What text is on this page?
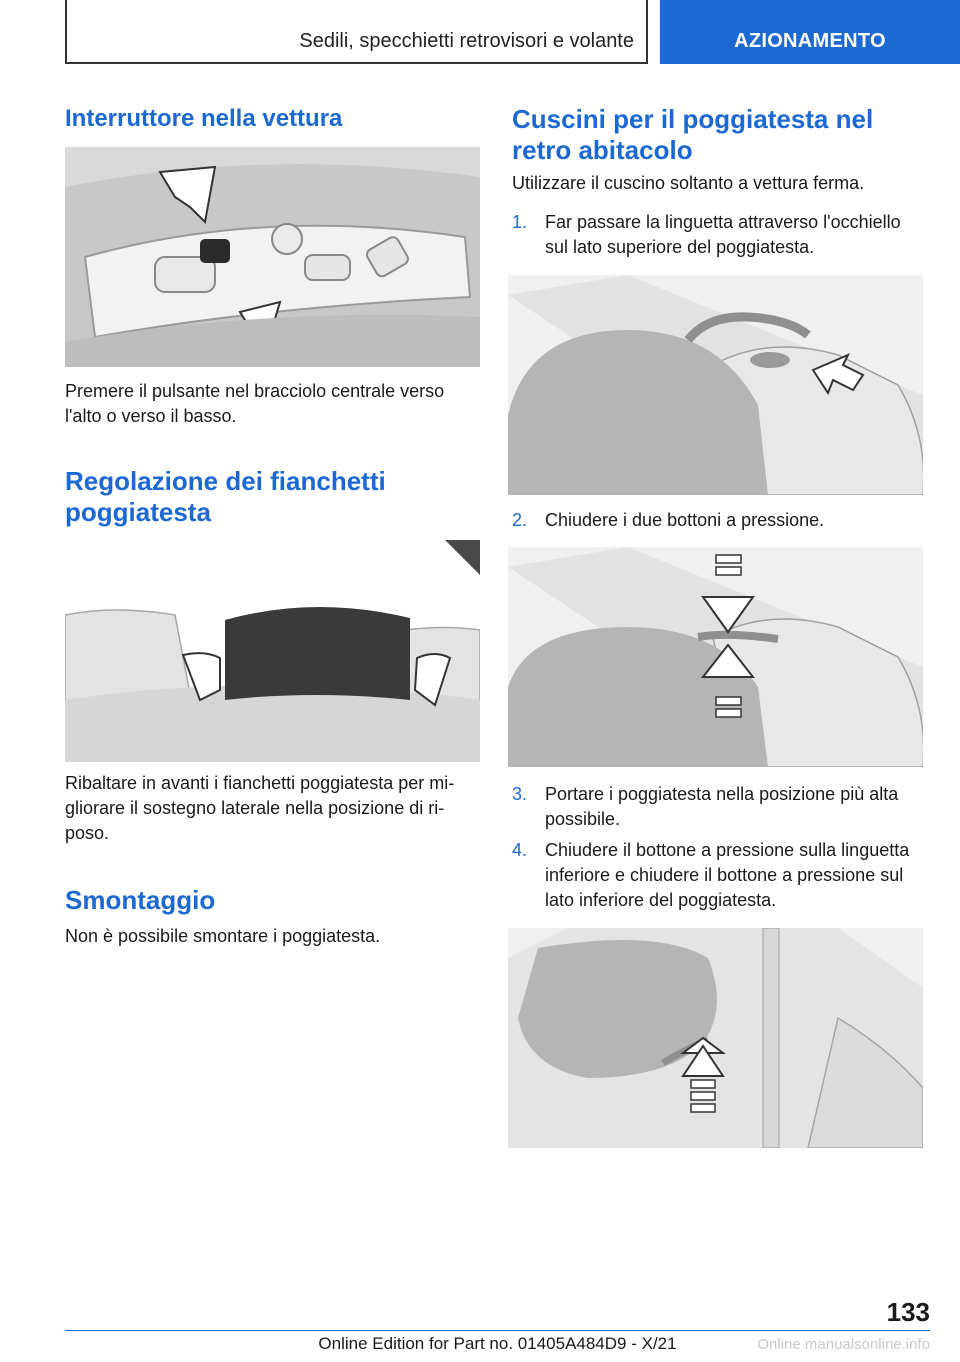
Sedili, specchietti retrovisori e volante	AZIONAMENTO
Interruttore nella vettura
Premere il pulsante nel bracciolo centrale verso
l'alto o verso il basso.
Regolazione dei fianchetti
poggiatesta
Ribaltare in avanti i fianchetti poggiatesta per mi-
gliorare il sostegno laterale nella posizione di ri-
poso.
Smontaggio
Non è possibile smontare i poggiatesta.
Cuscini per il poggiatesta nel
retro abitacolo
Utilizzare il cuscino soltanto a vettura ferma.
1. Far passare la linguetta attraverso l'occhiello
sul lato superiore del poggiatesta.
2. Chiudere i due bottoni a pressione.
3. Portare i poggiatesta nella posizione più alta
possibile.
4. Chiudere il bottone a pressione sulla linguetta
inferiore e chiudere il bottone a pressione sul
lato inferiore del poggiatesta.
133
Online Edition for Part no. 01405A484D9 - X/21	Online manualsonline.info
